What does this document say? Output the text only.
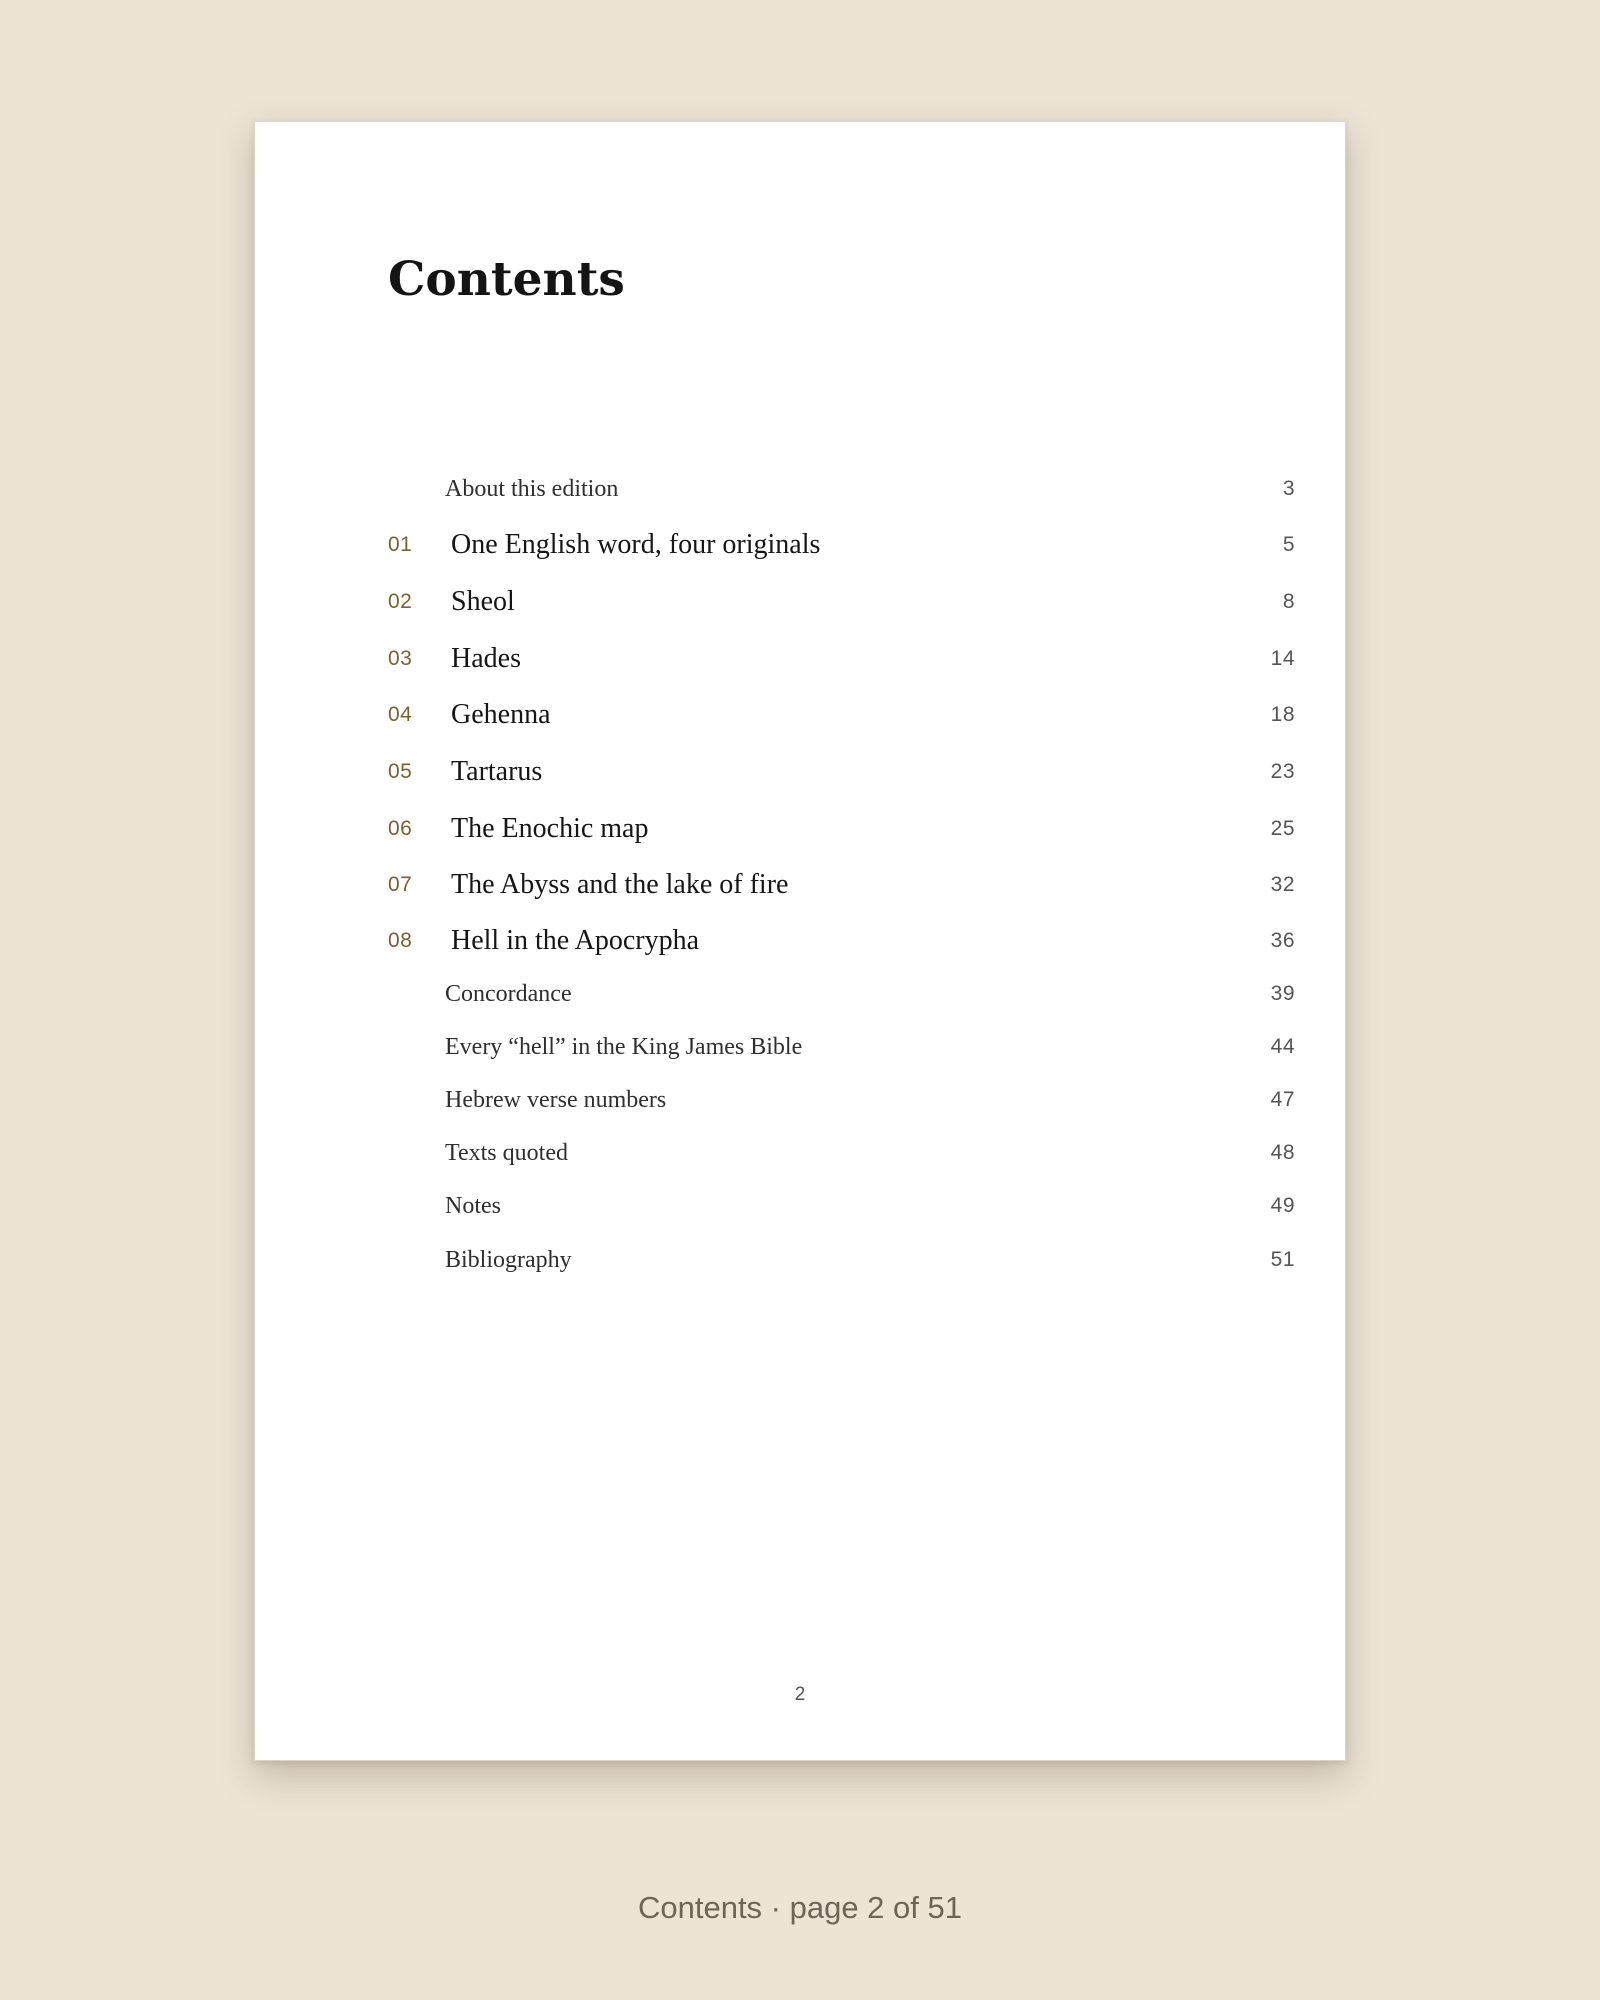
Contents
About this edition	3
01 One English word, four originals	5
02 Sheol	8
03 Hades	14
04 Gehenna	18
05 Tartarus	23
06 The Enochic map	25
07 The Abyss and the lake of fire	32
08 Hell in the Apocrypha	36
Concordance	39
Every “hell” in the King James Bible	44
Hebrew verse numbers	47
Texts quoted	48
Notes	49
Bibliography	51
2
Contents · page 2 of 51
